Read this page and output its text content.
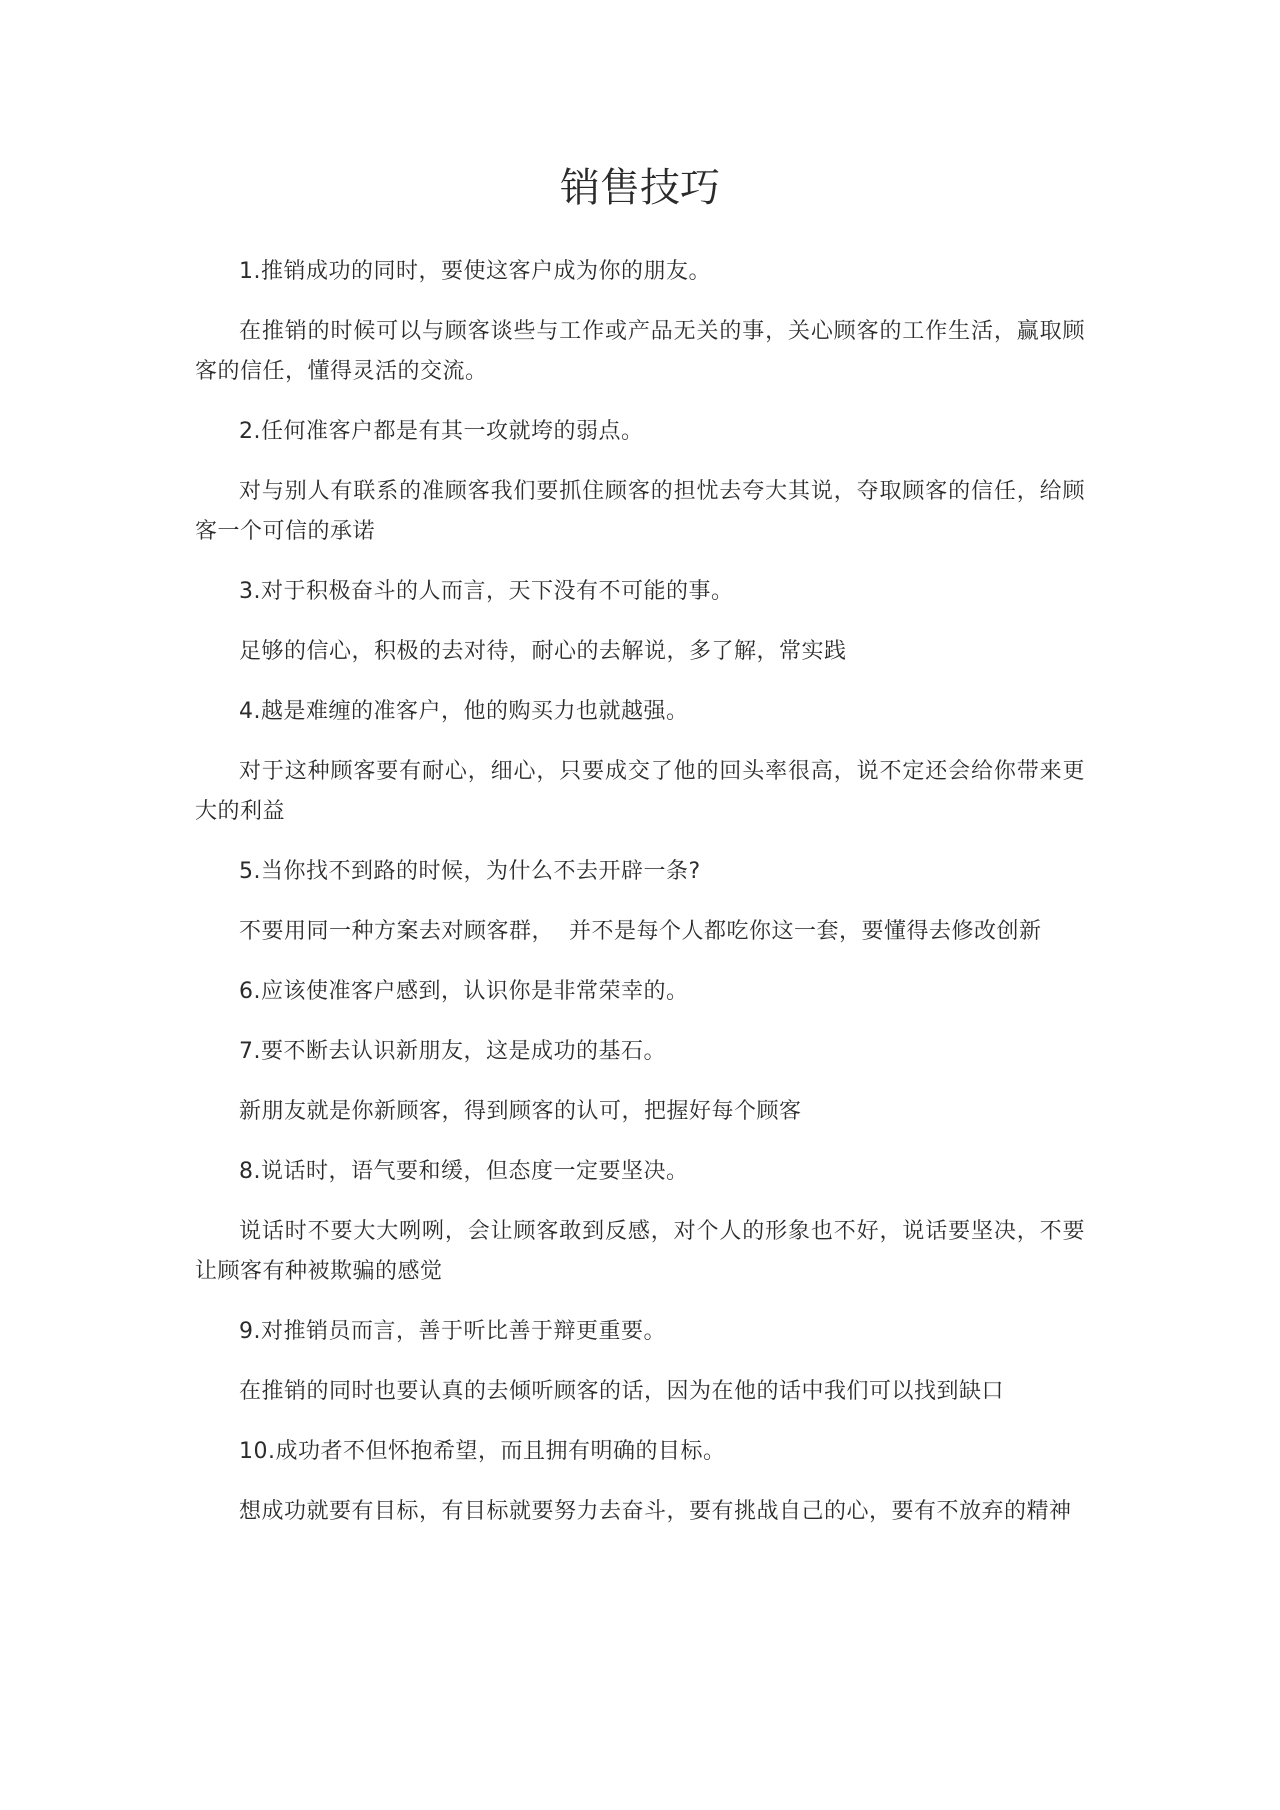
销售技巧

1.推销成功的同时，要使这客户成为你的朋友。

在推销的时候可以与顾客谈些与工作或产品无关的事，关心顾客的工作生活，赢取顾客的信任，懂得灵活的交流。

2.任何准客户都是有其一攻就垮的弱点。

对与别人有联系的准顾客我们要抓住顾客的担忧去夸大其说，夺取顾客的信任，给顾客一个可信的承诺

3.对于积极奋斗的人而言，天下没有不可能的事。

足够的信心，积极的去对待，耐心的去解说，多了解，常实践

4.越是难缠的准客户，他的购买力也就越强。

对于这种顾客要有耐心，细心，只要成交了他的回头率很高，说不定还会给你带来更大的利益

5.当你找不到路的时候，为什么不去开辟一条?

不要用同一种方案去对顾客群，  并不是每个人都吃你这一套，要懂得去修改创新

6.应该使准客户感到，认识你是非常荣幸的。

7.要不断去认识新朋友，这是成功的基石。

新朋友就是你新顾客，得到顾客的认可，把握好每个顾客

8.说话时，语气要和缓，但态度一定要坚决。

说话时不要大大咧咧，会让顾客敢到反感，对个人的形象也不好，说话要坚决，不要让顾客有种被欺骗的感觉

9.对推销员而言，善于听比善于辩更重要。

在推销的同时也要认真的去倾听顾客的话，因为在他的话中我们可以找到缺口

10.成功者不但怀抱希望，而且拥有明确的目标。

想成功就要有目标，有目标就要努力去奋斗，要有挑战自己的心，要有不放弃的精神
